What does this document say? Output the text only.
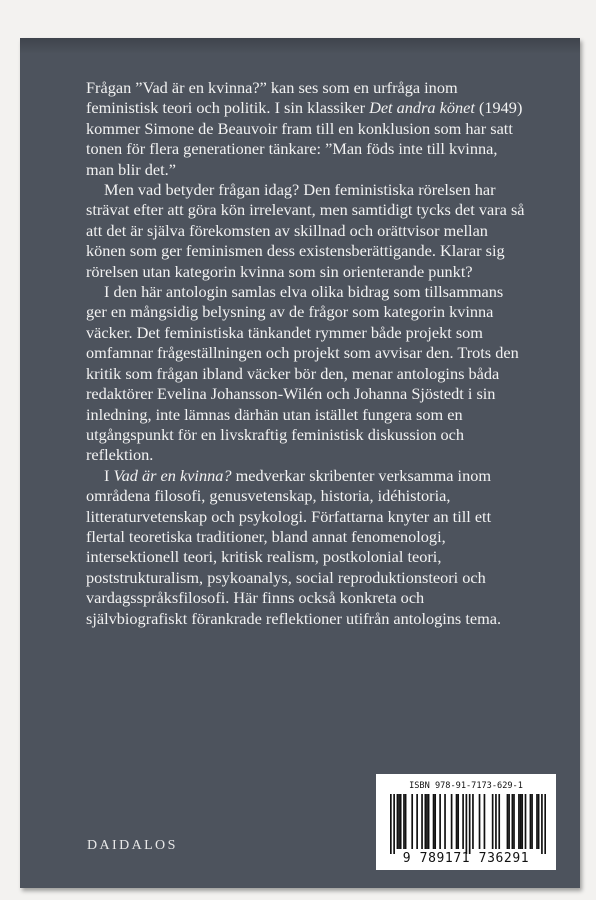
Frågan ”Vad är en kvinna?” kan ses som en urfråga inom feministisk teori och politik. I sin klassiker Det andra könet (1949) kommer Simone de Beauvoir fram till en konklusion som har satt tonen för flera generationer tänkare: ”Man föds inte till kvinna, man blir det.”

Men vad betyder frågan idag? Den feministiska rörelsen har strävat efter att göra kön irrelevant, men samtidigt tycks det vara så att det är själva förekomsten av skillnad och orättvisor mellan könen som ger feminismen dess existensberättigande. Klarar sig rörelsen utan kategorin kvinna som sin orienterande punkt?

I den här antologin samlas elva olika bidrag som tillsammans ger en mångsidig belysning av de frågor som kategorin kvinna väcker. Det feministiska tänkandet rymmer både projekt som omfamnar frågeställningen och projekt som avvisar den. Trots den kritik som frågan ibland väcker bör den, menar antologins båda redaktörer Evelina Johansson-Wilén och Johanna Sjöstedt i sin inledning, inte lämnas därhän utan istället fungera som en utgångspunkt för en livskraftig feministisk diskussion och reflektion.

I Vad är en kvinna? medverkar skribenter verksamma inom områdena filosofi, genusvetenskap, historia, idéhistoria, litteraturvetenskap och psykologi. Författarna knyter an till ett flertal teoretiska traditioner, bland annat fenomenologi, intersektionell teori, kritisk realism, postkolonial teori, poststrukturalism, psykoanalys, social reproduktionsteori och vardagsspråksfilosofi. Här finns också konkreta och självbiografiskt förankrade reflektioner utifrån antologins tema.

DAIDALOS
ISBN 978-91-7173-629-1
9 789171 736291
